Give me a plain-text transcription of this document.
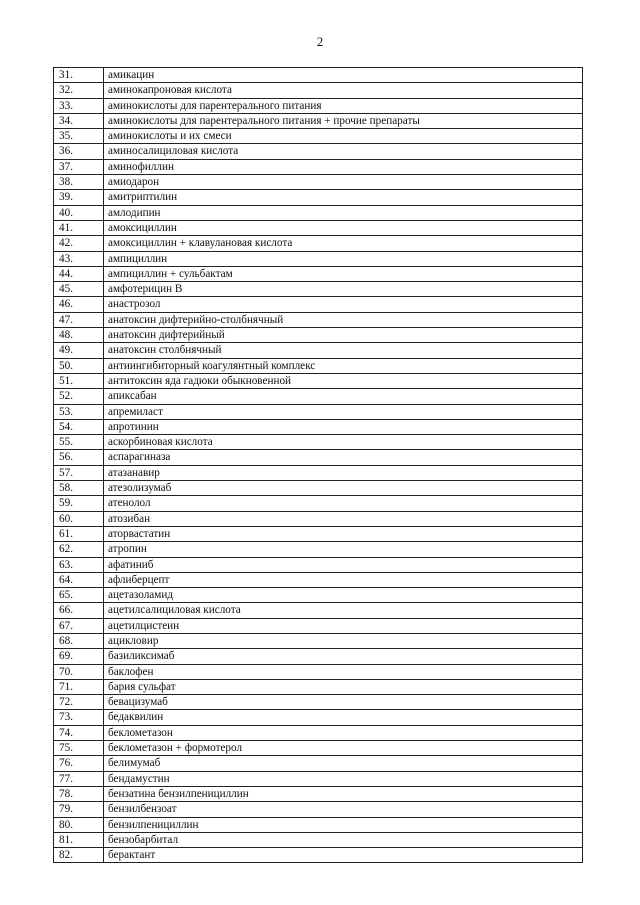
2
31.	амикацин
32.	аминокапроновая кислота
33.	аминокислоты для парентерального питания
34.	аминокислоты для парентерального питания + прочие препараты
35.	аминокислоты и их смеси
36.	аминосалициловая кислота
37.	аминофиллин
38.	амиодарон
39.	амитриптилин
40.	амлодипин
41.	амоксициллин
42.	амоксициллин + клавулановая кислота
43.	ампициллин
44.	ампициллин + сульбактам
45.	амфотерицин В
46.	анастрозол
47.	анатоксин дифтерийно-столбнячный
48.	анатоксин дифтерийный
49.	анатоксин столбнячный
50.	антиингибиторный коагулянтный комплекс
51.	антитоксин яда гадюки обыкновенной
52.	апиксабан
53.	апремиласт
54.	апротинин
55.	аскорбиновая кислота
56.	аспарагиназа
57.	атазанавир
58.	атезолизумаб
59.	атенолол
60.	атозибан
61.	аторвастатин
62.	атропин
63.	афатиниб
64.	афлиберцепт
65.	ацетазоламид
66.	ацетилсалициловая кислота
67.	ацетилцистеин
68.	ацикловир
69.	базиликсимаб
70.	баклофен
71.	бария сульфат
72.	бевацизумаб
73.	бедаквилин
74.	беклометазон
75.	беклометазон + формотерол
76.	белимумаб
77.	бендамустин
78.	бензатина бензилпенициллин
79.	бензилбензоат
80.	бензилпенициллин
81.	бензобарбитал
82.	берактант
